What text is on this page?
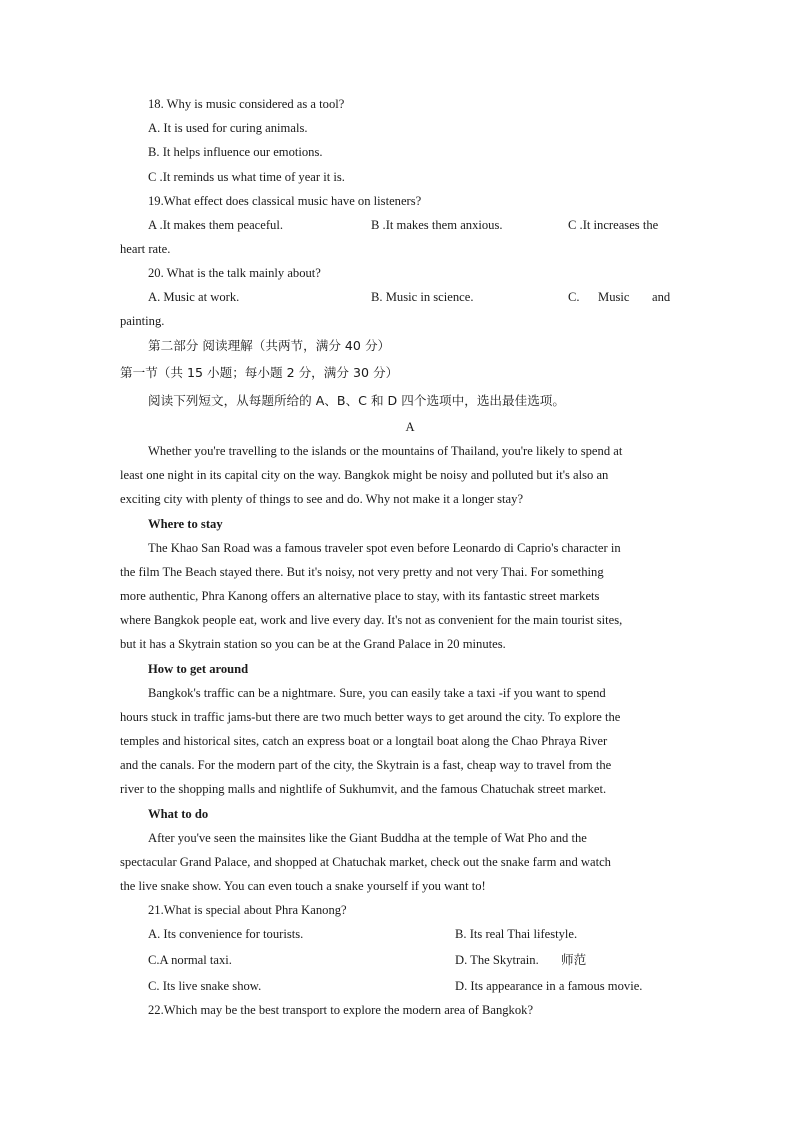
18. Why is music considered as a tool?
A. It is used for curing animals.
B. It helps influence our emotions.
C .It reminds us what time of year it is.
19.What effect does classical music have on listeners?
A .It makes them peaceful.	B .It makes them anxious.	C .It increases the
heart rate.
20. What is the talk mainly about?
A. Music at work.	B. Music in science.	C. Music and
painting.
第二部分 阅读理解（共两节，满分 40 分）
第一节（共 15 小题；每小题 2 分，满分 30 分）
阅读下列短文，从每题所给的 A、B、C 和 D 四个选项中，选出最佳选项。
A
Whether you're travelling to the islands or the mountains of Thailand, you're likely to spend at
least one night in its capital city on the way. Bangkok might be noisy and polluted but it's also an
exciting city with plenty of things to see and do. Why not make it a longer stay?
Where to stay
The Khao San Road was a famous traveler spot even before Leonardo di Caprio's character in
the film The Beach stayed there. But it's noisy, not very pretty and not very Thai. For something
more authentic, Phra Kanong offers an alternative place to stay, with its fantastic street markets
where Bangkok people eat, work and live every day. It's not as convenient for the main tourist sites,
but it has a Skytrain station so you can be at the Grand Palace in 20 minutes.
How to get around
Bangkok's traffic can be a nightmare. Sure, you can easily take a taxi -if you want to spend
hours stuck in traffic jams-but there are two much better ways to get around the city. To explore the
temples and historical sites, catch an express boat or a longtail boat along the Chao Phraya River
and the canals. For the modern part of the city, the Skytrain is a fast, cheap way to travel from the
river to the shopping malls and nightlife of Sukhumvit, and the famous Chatuchak street market.
What to do
After you've seen the mainsites like the Giant Buddha at the temple of Wat Pho and the
spectacular Grand Palace, and shopped at Chatuchak market, check out the snake farm and watch
the live snake show. You can even touch a snake yourself if you want to!
21.What is special about Phra Kanong?
A. Its convenience for tourists.	B. Its real Thai lifestyle.
C.A normal taxi.	D. The Skytrain. 师范
C. Its live snake show.	D. Its appearance in a famous movie.
22.Which may be the best transport to explore the modern area of Bangkok?
